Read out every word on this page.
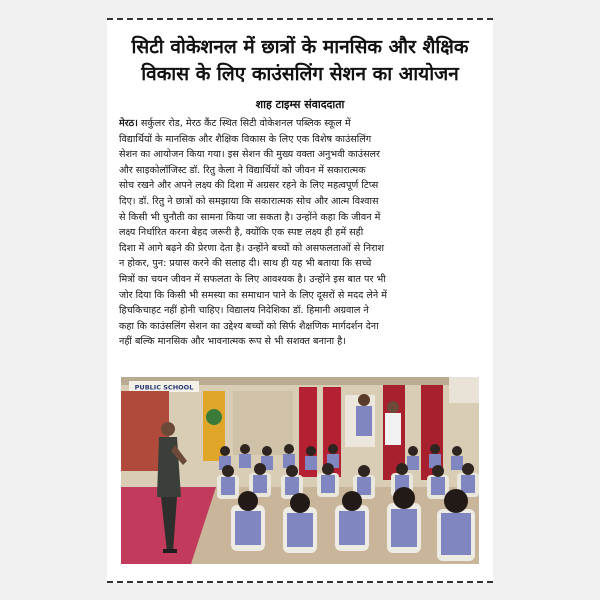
सिटी वोकेशनल में छात्रों के मानसिक और शैक्षिक
विकास के लिए काउंसलिंग सेशन का आयोजन
शाह टाइम्स संवाददाता
मेरठ। सर्कुलर रोड, मेरठ कैंट स्थित सिटी वोकेशनल पब्लिक स्कूल में
विद्यार्थियों के मानसिक और शैक्षिक विकास के लिए एक विशेष काउंसलिंग
सेशन का आयोजन किया गया। इस सेशन की मुख्य वक्ता अनुभवी काउंसलर
और साइकोलॉजिस्ट डॉ. रितु केला ने विद्यार्थियों को जीवन में सकारात्मक
सोच रखने और अपने लक्ष्य की दिशा में अग्रसर रहने के लिए महत्वपूर्ण टिप्स
दिए। डॉ. रितु ने छात्रों को समझाया कि सकारात्मक सोच और आत्म विश्वास
से किसी भी चुनौती का सामना किया जा सकता है। उन्होंने कहा कि जीवन में
लक्ष्य निर्धारित करना बेहद जरूरी है, क्योंकि एक स्पष्ट लक्ष्य ही हमें सही
दिशा में आगे बढ़ने की प्रेरणा देता है। उन्होंने बच्चों को असफलताओं से निराश
न होकर, पुन: प्रयास करने की सलाह दी। साथ ही यह भी बताया कि सच्चे
मित्रों का चयन जीवन में सफलता के लिए आवश्यक है। उन्होंने इस बात पर भी
जोर दिया कि किसी भी समस्या का समाधान पाने के लिए दूसरों से मदद लेने में
हिचकिचाहट नहीं होनी चाहिए। विद्यालय निदेशिका डॉ. हिमानी अग्रवाल ने
कहा कि काउंसलिंग सेशन का उद्देश्य बच्चों को सिर्फ शैक्षणिक मार्गदर्शन देना
नहीं बल्कि मानसिक और भावनात्मक रूप से भी सशक्त बनाना है।
PUBLIC SCHOOL
